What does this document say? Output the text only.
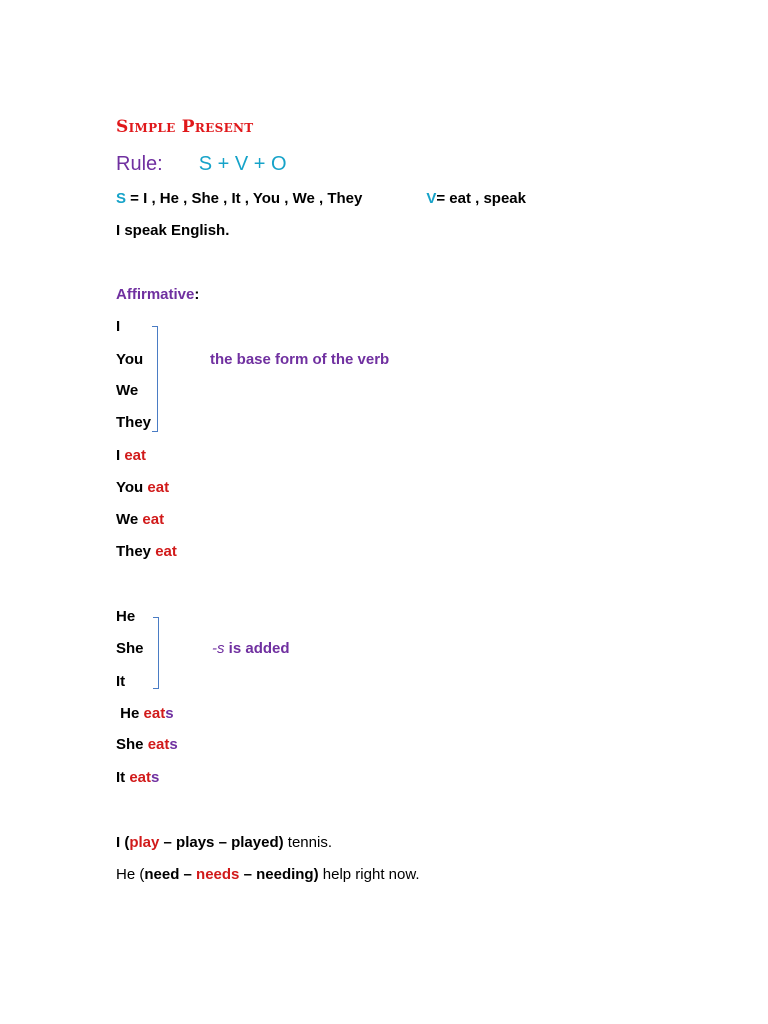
Simple Present
Rule: S + V + O
S = I , He , She , It , You , We , They	V= eat , speak
I speak English.
Affirmative:
I
You
We
They
the base form of the verb
I eat
You eat
We eat
They eat
He
She
It
-s is added
He eats
She eats
It eats
I (play – plays – played) tennis.
He (need – needs – needing) help right now.
